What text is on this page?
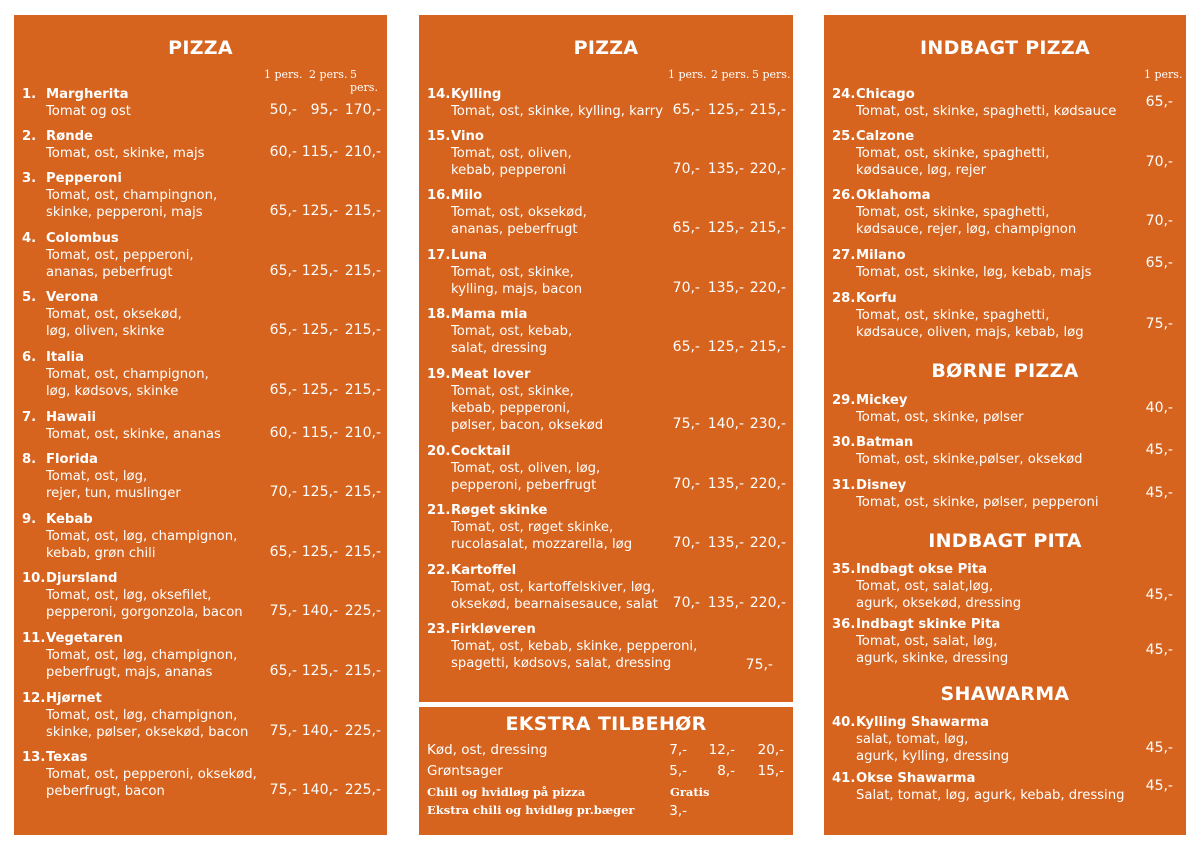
PIZZA
1 pers. 2 pers. 5 pers.
1. Margherita
Tomat og ost	50,- 95,- 170,-
2. Rønde
Tomat, ost, skinke, majs	60,- 115,- 210,-
3. Pepperoni
Tomat, ost, champingnon,
skinke, pepperoni, majs	65,- 125,- 215,-
4. Colombus
Tomat, ost, pepperoni,
ananas, peberfrugt	65,- 125,- 215,-
5. Verona
Tomat, ost, oksekød,
løg, oliven, skinke	65,- 125,- 215,-
6. Italia
Tomat, ost, champignon,
løg, kødsovs, skinke	65,- 125,- 215,-
7. Hawaii
Tomat, ost, skinke, ananas	60,- 115,- 210,-
8. Florida
Tomat, ost, løg,
rejer, tun, muslinger	70,- 125,- 215,-
9. Kebab
Tomat, ost, løg, champignon,
kebab, grøn chili	65,- 125,- 215,-
10. Djursland
Tomat, ost, løg, oksefilet,
pepperoni, gorgonzola, bacon 75,- 140,- 225,-
11. Vegetaren
Tomat, ost, løg, champignon,
peberfrugt, majs, ananas	65,- 125,- 215,-
12. Hjørnet
Tomat, ost, løg, champignon,
skinke, pølser, oksekød, bacon 75,- 140,- 225,-
13. Texas
Tomat, ost, pepperoni, oksekød,
peberfrugt, bacon	75,- 140,- 225,-
PIZZA
1 pers. 2 pers. 5 pers.
14. Kylling
Tomat, ost, skinke, kylling, karry 65,- 125,- 215,-
15. Vino
Tomat, ost, oliven,
kebab, pepperoni	70,- 135,- 220,-
16. Milo
Tomat, ost, oksekød,
ananas, peberfrugt	65,- 125,- 215,-
17. Luna
Tomat, ost, skinke,
kylling, majs, bacon	70,- 135,- 220,-
18. Mama mia
Tomat, ost, kebab,
salat, dressing	65,- 125,- 215,-
19. Meat lover
Tomat, ost, skinke,
kebab, pepperoni,
pølser, bacon, oksekød	75,- 140,- 230,-
20. Cocktail
Tomat, ost, oliven, løg,
pepperoni, peberfrugt	70,- 135,- 220,-
21. Røget skinke
Tomat, ost, røget skinke,
rucolasalat, mozzarella, løg	70,- 135,- 220,-
22. Kartoffel
Tomat, ost, kartoffelskiver, løg,
oksekød, bearnaisesauce, salat 70,- 135,- 220,-
23. Firkløveren
Tomat, ost, kebab, skinke, pepperoni,
spagetti, kødsovs, salat, dressing	75,-
EKSTRA TILBEHØR
Kød, ost, dressing	7,- 12,- 20,-
Grøntsager	5,- 8,- 15,-
Chili og hvidløg på pizza	Gratis
Ekstra chili og hvidløg pr.bæger	3,-
INDBAGT PIZZA
1 pers.
BØRNE PIZZA
INDBAGT PITA
SHAWARMA
24. Chicago
Tomat, ost, skinke, spaghetti, kødsauce
65,-
25. Calzone
Tomat, ost, skinke, spaghetti,
kødsauce, løg, rejer
70,-
26. Oklahoma
Tomat, ost, skinke, spaghetti,
kødsauce, rejer, løg, champignon
70,-
27. Milano
Tomat, ost, skinke, løg, kebab, majs
65,-
28. Korfu
Tomat, ost, skinke, spaghetti,
kødsauce, oliven, majs, kebab, løg
75,-
29. Mickey
Tomat, ost, skinke, pølser
40,-
30. Batman
Tomat, ost, skinke,pølser, oksekød
45,-
31. Disney
Tomat, ost, skinke, pølser, pepperoni
45,-
35. Indbagt okse Pita
Tomat, ost, salat,løg,
agurk, oksekød, dressing
45,-
36. Indbagt skinke Pita
Tomat, ost, salat, løg,
agurk, skinke, dressing
45,-
40. Kylling Shawarma
salat, tomat, løg,
agurk, kylling, dressing
45,-
41. Okse Shawarma
Salat, tomat, løg, agurk, kebab, dressing
45,-
